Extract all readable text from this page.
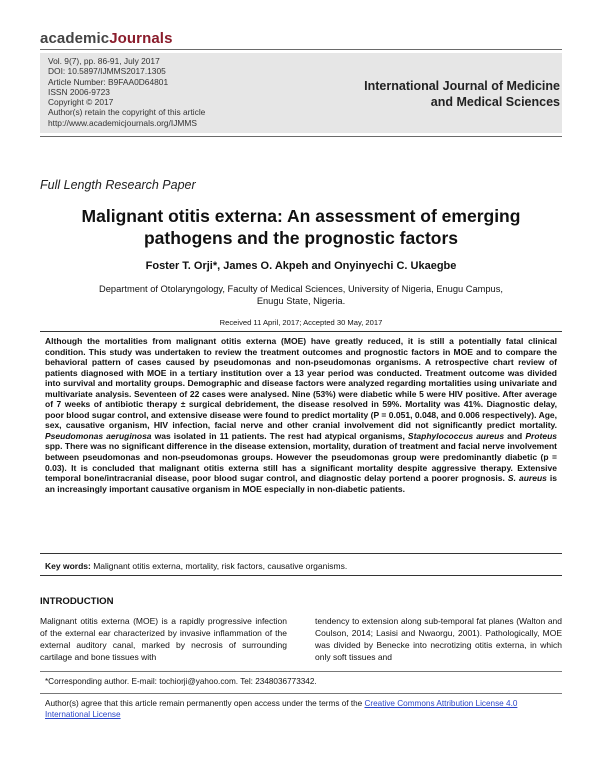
academicJournals
Vol. 9(7), pp. 86-91, July 2017
DOI: 10.5897/IJMMS2017.1305
Article Number: B9FAA0D64801
ISSN 2006-9723
Copyright © 2017
Author(s) retain the copyright of this article
http://www.academicjournals.org/IJMMS
International Journal of Medicine
and Medical Sciences
Full Length Research Paper
Malignant otitis externa: An assessment of emerging
pathogens and the prognostic factors
Foster T. Orji*, James O. Akpeh and Onyinyechi C. Ukaegbe
Department of Otolaryngology, Faculty of Medical Sciences, University of Nigeria, Enugu Campus,
Enugu State, Nigeria.
Received 11 April, 2017; Accepted 30 May, 2017
Although the mortalities from malignant otitis externa (MOE) have greatly reduced, it is still a potentially fatal clinical condition. This study was undertaken to review the treatment outcomes and prognostic factors in MOE and to compare the behavioral pattern of cases caused by pseudomonas and non-pseudomonas organisms. A retrospective chart review of patients diagnosed with MOE in a tertiary institution over a 13 year period was conducted. Treatment outcome was divided into survival and mortality groups. Demographic and disease factors were analyzed regarding mortalities using univariate and multivariate analysis. Seventeen of 22 cases were analysed. Nine (53%) were diabetic while 5 were HIV positive. After average of 7 weeks of antibiotic therapy ± surgical debridement, the disease resolved in 59%. Mortality was 41%. Diagnostic delay, poor blood sugar control, and extensive disease were found to predict mortality (P = 0.051, 0.048, and 0.006 respectively). Age, sex, causative organism, HIV infection, facial nerve and other cranial involvement did not significantly predict mortality. Pseudomonas aeruginosa was isolated in 11 patients. The rest had atypical organisms, Staphylococcus aureus and Proteus spp. There was no significant difference in the disease extension, mortality, duration of treatment and facial nerve involvement between pseudomonas and non-pseudomonas groups. However the pseudomonas group were predominantly diabetic (p = 0.03). It is concluded that malignant otitis externa still has a significant mortality despite aggressive therapy. Extensive temporal bone/intracranial disease, poor blood sugar control, and diagnostic delay portend a poorer prognosis. S. aureus is an increasingly important causative organism in MOE especially in non-diabetic patients.
Key words: Malignant otitis externa, mortality, risk factors, causative organisms.
INTRODUCTION
Malignant otitis externa (MOE) is a rapidly progressive infection of the external ear characterized by invasive inflammation of the external auditory canal, marked by necrosis of surrounding cartilage and bone tissues with
tendency to extension along sub-temporal fat planes (Walton and Coulson, 2014; Lasisi and Nwaorgu, 2001). Pathologically, MOE was divided by Benecke into necrotizing otitis externa, in which only soft tissues and
*Corresponding author. E-mail: tochiorji@yahoo.com. Tel: 2348036773342.
Author(s) agree that this article remain permanently open access under the terms of the Creative Commons Attribution License 4.0 International License
